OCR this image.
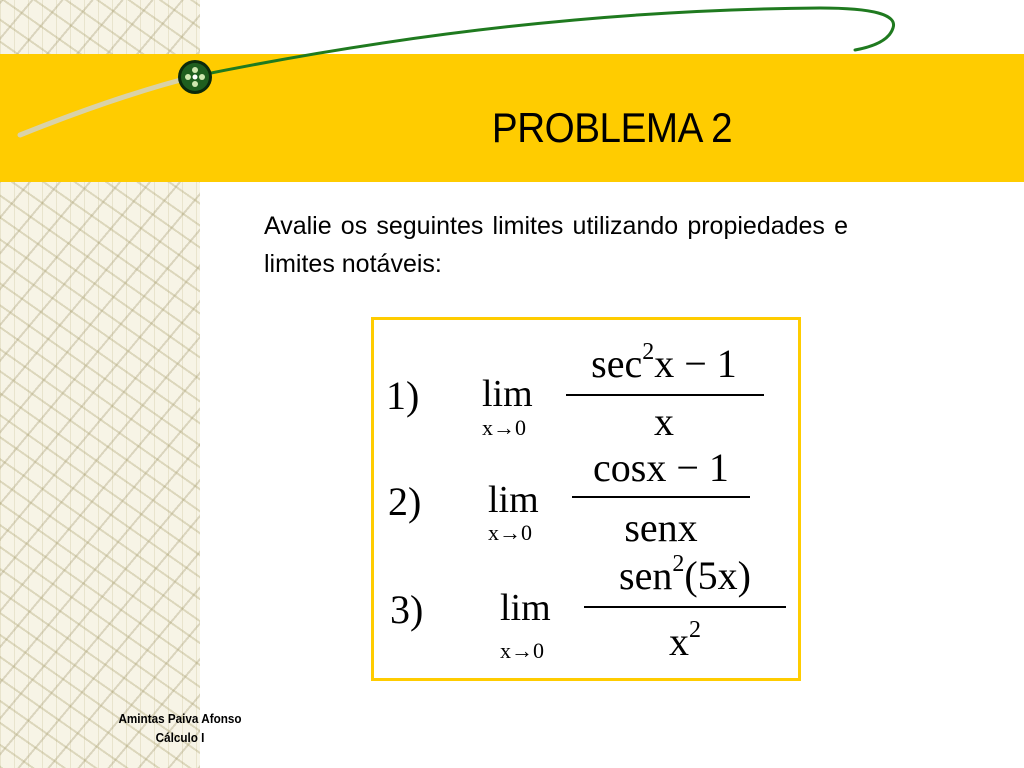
PROBLEMA 2
Avalie os seguintes limites utilizando propiedades e limites notáveis:
1) lim
x→0
$\sec^2x - 1$
x
2) lim
x→0
cosx − 1
senx
3) lim
x→0
sen$^2$(5x)
$x^2$
Amintas Paiva Afonso
Cálculo I
